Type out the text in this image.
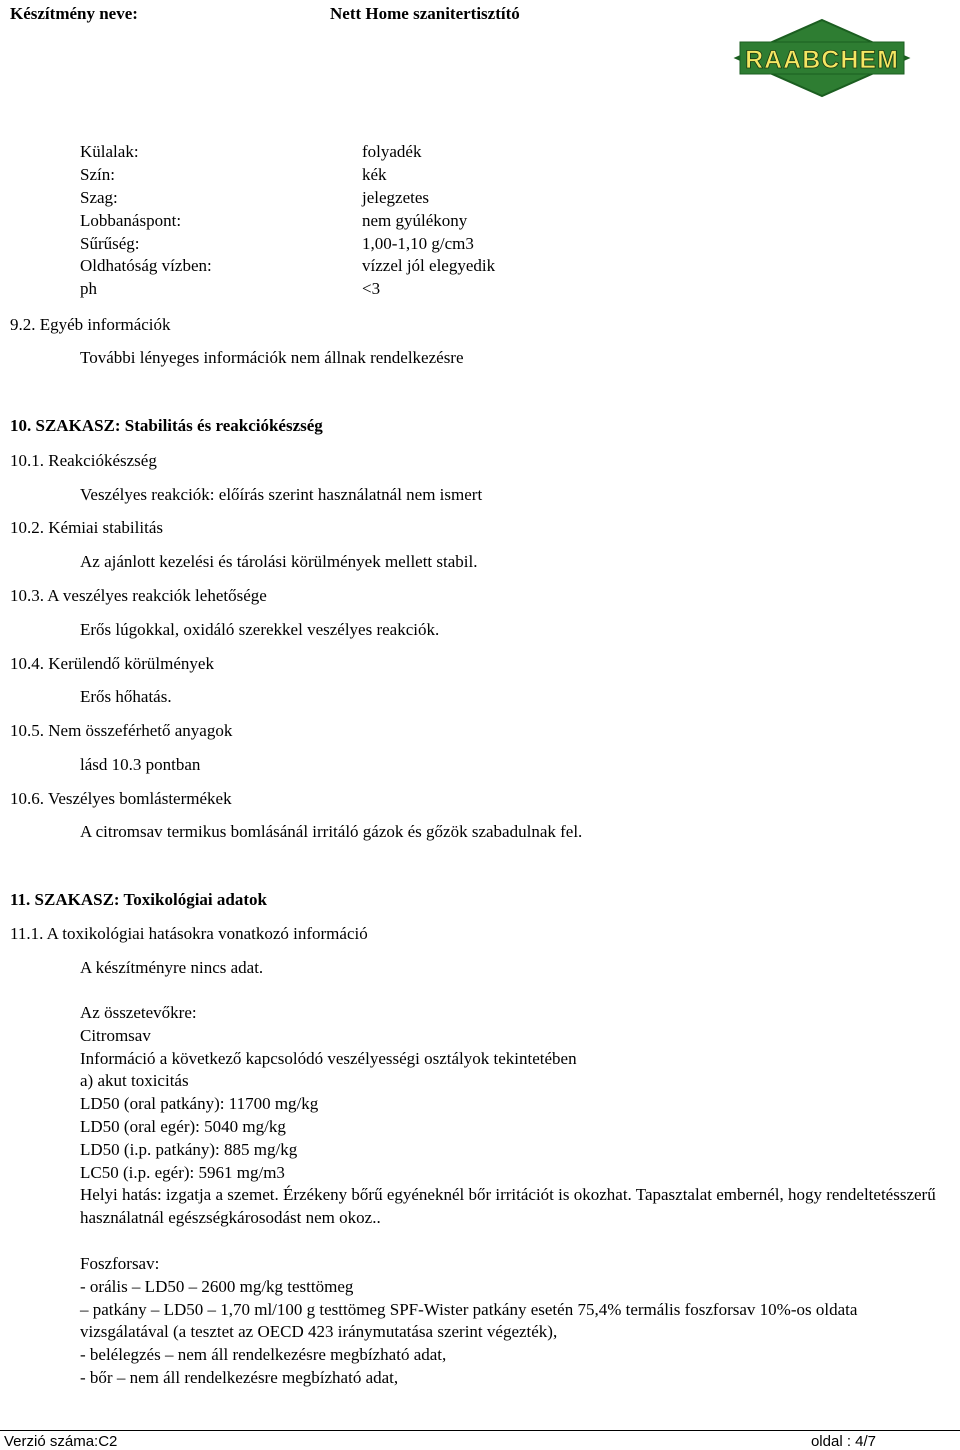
Készítmény neve:	Nett Home szanitertisztító
RAABCHEM
Külalak:	folyadék
Szín:	kék
Szag:	jelegzetes
Lobbanáspont:	nem gyúlékony
Sűrűség:	1,00-1,10 g/cm3
Oldhatóság vízben:	vízzel jól elegyedik
ph	<3
9.2. Egyéb információk
További lényeges információk nem állnak rendelkezésre
10. SZAKASZ: Stabilitás és reakciókészség
10.1. Reakciókészség
Veszélyes reakciók: előírás szerint használatnál nem ismert
10.2. Kémiai stabilitás
Az ajánlott kezelési és tárolási körülmények mellett stabil.
10.3. A veszélyes reakciók lehetősége
Erős lúgokkal, oxidáló szerekkel veszélyes reakciók.
10.4. Kerülendő körülmények
Erős hőhatás.
10.5. Nem összeférhető anyagok
lásd 10.3 pontban
10.6. Veszélyes bomlástermékek
A citromsav termikus bomlásánál irritáló gázok és gőzök szabadulnak fel.
11. SZAKASZ: Toxikológiai adatok
11.1. A toxikológiai hatásokra vonatkozó információ
A készítményre nincs adat.
Az összetevőkre:
Citromsav
Információ a következő kapcsolódó veszélyességi osztályok tekintetében
a) akut toxicitás
LD50 (oral patkány): 11700 mg/kg
LD50 (oral egér): 5040 mg/kg
LD50 (i.p. patkány): 885 mg/kg
LC50 (i.p. egér): 5961 mg/m3
Helyi hatás: izgatja a szemet. Érzékeny bőrű egyéneknél bőr irritációt is okozhat. Tapasztalat embernél, hogy rendeltetésszerű használatnál egészségkárosodást nem okoz..
Foszforsav:
- orális – LD50 – 2600 mg/kg testtömeg
– patkány – LD50 – 1,70 ml/100 g testtömeg SPF-Wister patkány esetén 75,4% termális foszforsav 10%-os oldata vizsgálatával (a tesztet az OECD 423 iránymutatása szerint végezték),
- belélegzés – nem áll rendelkezésre megbízható adat,
- bőr – nem áll rendelkezésre megbízható adat,
Verzió száma:C2	oldal : 4/7
